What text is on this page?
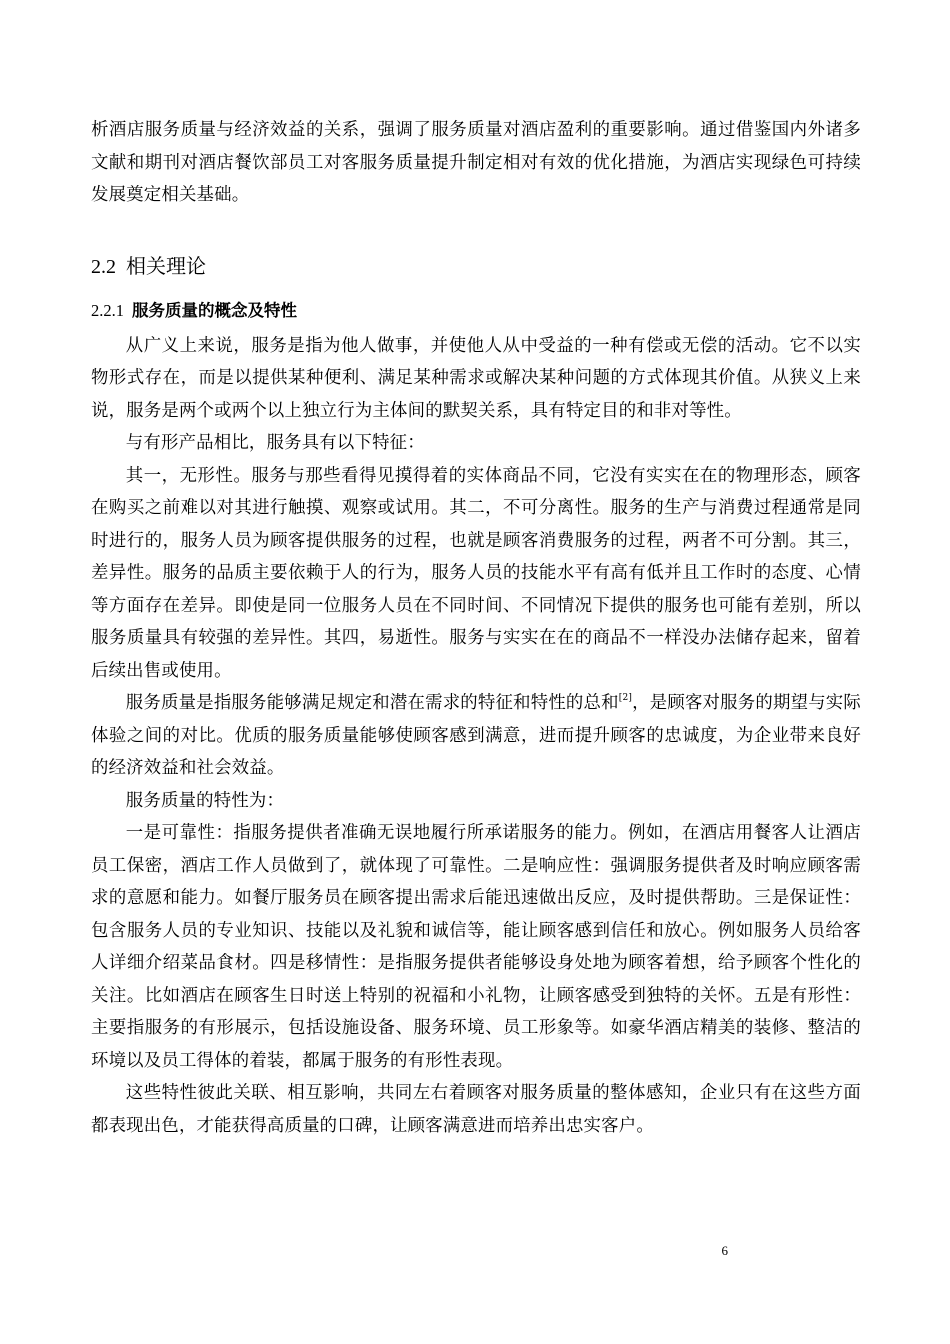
析酒店服务质量与经济效益的关系，强调了服务质量对酒店盈利的重要影响。通过借鉴国内外诸多文献和期刊对酒店餐饮部员工对客服务质量提升制定相对有效的优化措施，为酒店实现绿色可持续发展奠定相关基础。

2.2 相关理论
2.2.1 服务质量的概念及特性

从广义上来说，服务是指为他人做事，并使他人从中受益的一种有偿或无偿的活动。它不以实物形式存在，而是以提供某种便利、满足某种需求或解决某种问题的方式体现其价值。从狭义上来说，服务是两个或两个以上独立行为主体间的默契关系，具有特定目的和非对等性。

与有形产品相比，服务具有以下特征：

其一，无形性。服务与那些看得见摸得着的实体商品不同，它没有实实在在的物理形态，顾客在购买之前难以对其进行触摸、观察或试用。其二，不可分离性。服务的生产与消费过程通常是同时进行的，服务人员为顾客提供服务的过程，也就是顾客消费服务的过程，两者不可分割。其三，差异性。服务的品质主要依赖于人的行为，服务人员的技能水平有高有低并且工作时的态度、心情等方面存在差异。即使是同一位服务人员在不同时间、不同情况下提供的服务也可能有差别，所以服务质量具有较强的差异性。其四，易逝性。服务与实实在在的商品不一样没办法储存起来，留着后续出售或使用。

服务质量是指服务能够满足规定和潜在需求的特征和特性的总和[2]，是顾客对服务的期望与实际体验之间的对比。优质的服务质量能够使顾客感到满意，进而提升顾客的忠诚度，为企业带来良好的经济效益和社会效益。

服务质量的特性为：

一是可靠性：指服务提供者准确无误地履行所承诺服务的能力。例如，在酒店用餐客人让酒店员工保密，酒店工作人员做到了，就体现了可靠性。二是响应性：强调服务提供者及时响应顾客需求的意愿和能力。如餐厅服务员在顾客提出需求后能迅速做出反应，及时提供帮助。三是保证性：包含服务人员的专业知识、技能以及礼貌和诚信等，能让顾客感到信任和放心。例如服务人员给客人详细介绍菜品食材。四是移情性：是指服务提供者能够设身处地为顾客着想，给予顾客个性化的关注。比如酒店在顾客生日时送上特别的祝福和小礼物，让顾客感受到独特的关怀。五是有形性：主要指服务的有形展示，包括设施设备、服务环境、员工形象等。如豪华酒店精美的装修、整洁的环境以及员工得体的着装，都属于服务的有形性表现。

这些特性彼此关联、相互影响，共同左右着顾客对服务质量的整体感知，企业只有在这些方面都表现出色，才能获得高质量的口碑，让顾客满意进而培养出忠实客户。

6
